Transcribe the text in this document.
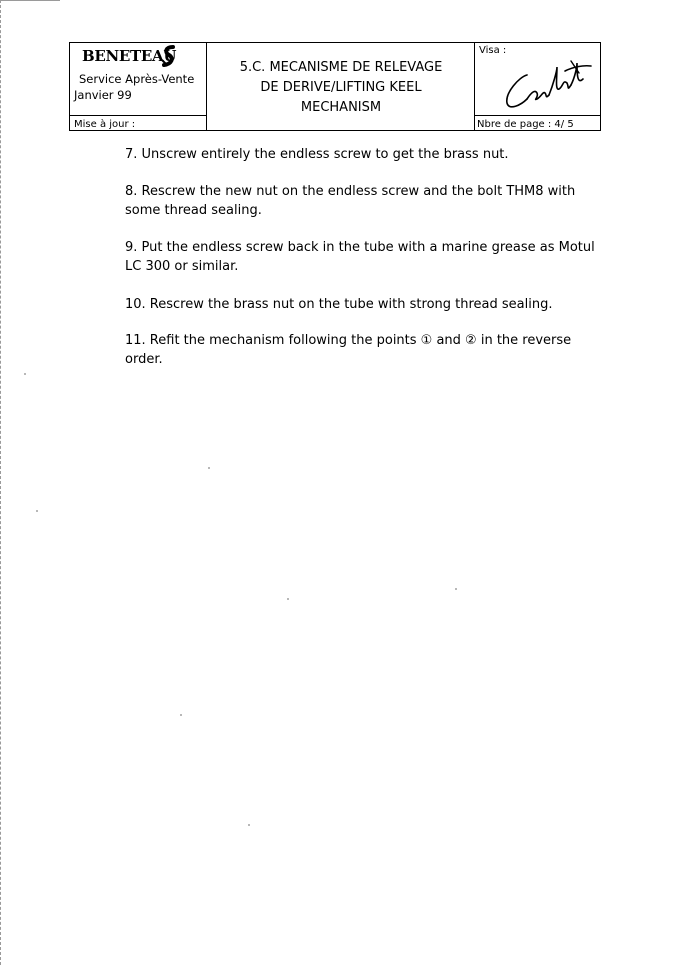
BENETEAU
Service Après-Vente
Janvier 99
Mise à jour :
5.C. MECANISME DE RELEVAGE
DE DERIVE/LIFTING KEEL
MECHANISM
Visa :
Nbre de page : 4/ 5

7. Unscrew entirely the endless screw to get the brass nut.

8. Rescrew the new nut on the endless screw and the bolt THM8 with
some thread sealing.

9. Put the endless screw back in the tube with a marine grease as Motul
LC 300 or similar.

10. Rescrew the brass nut on the tube with strong thread sealing.

11. Refit the mechanism following the points ① and ② in the reverse
order.
